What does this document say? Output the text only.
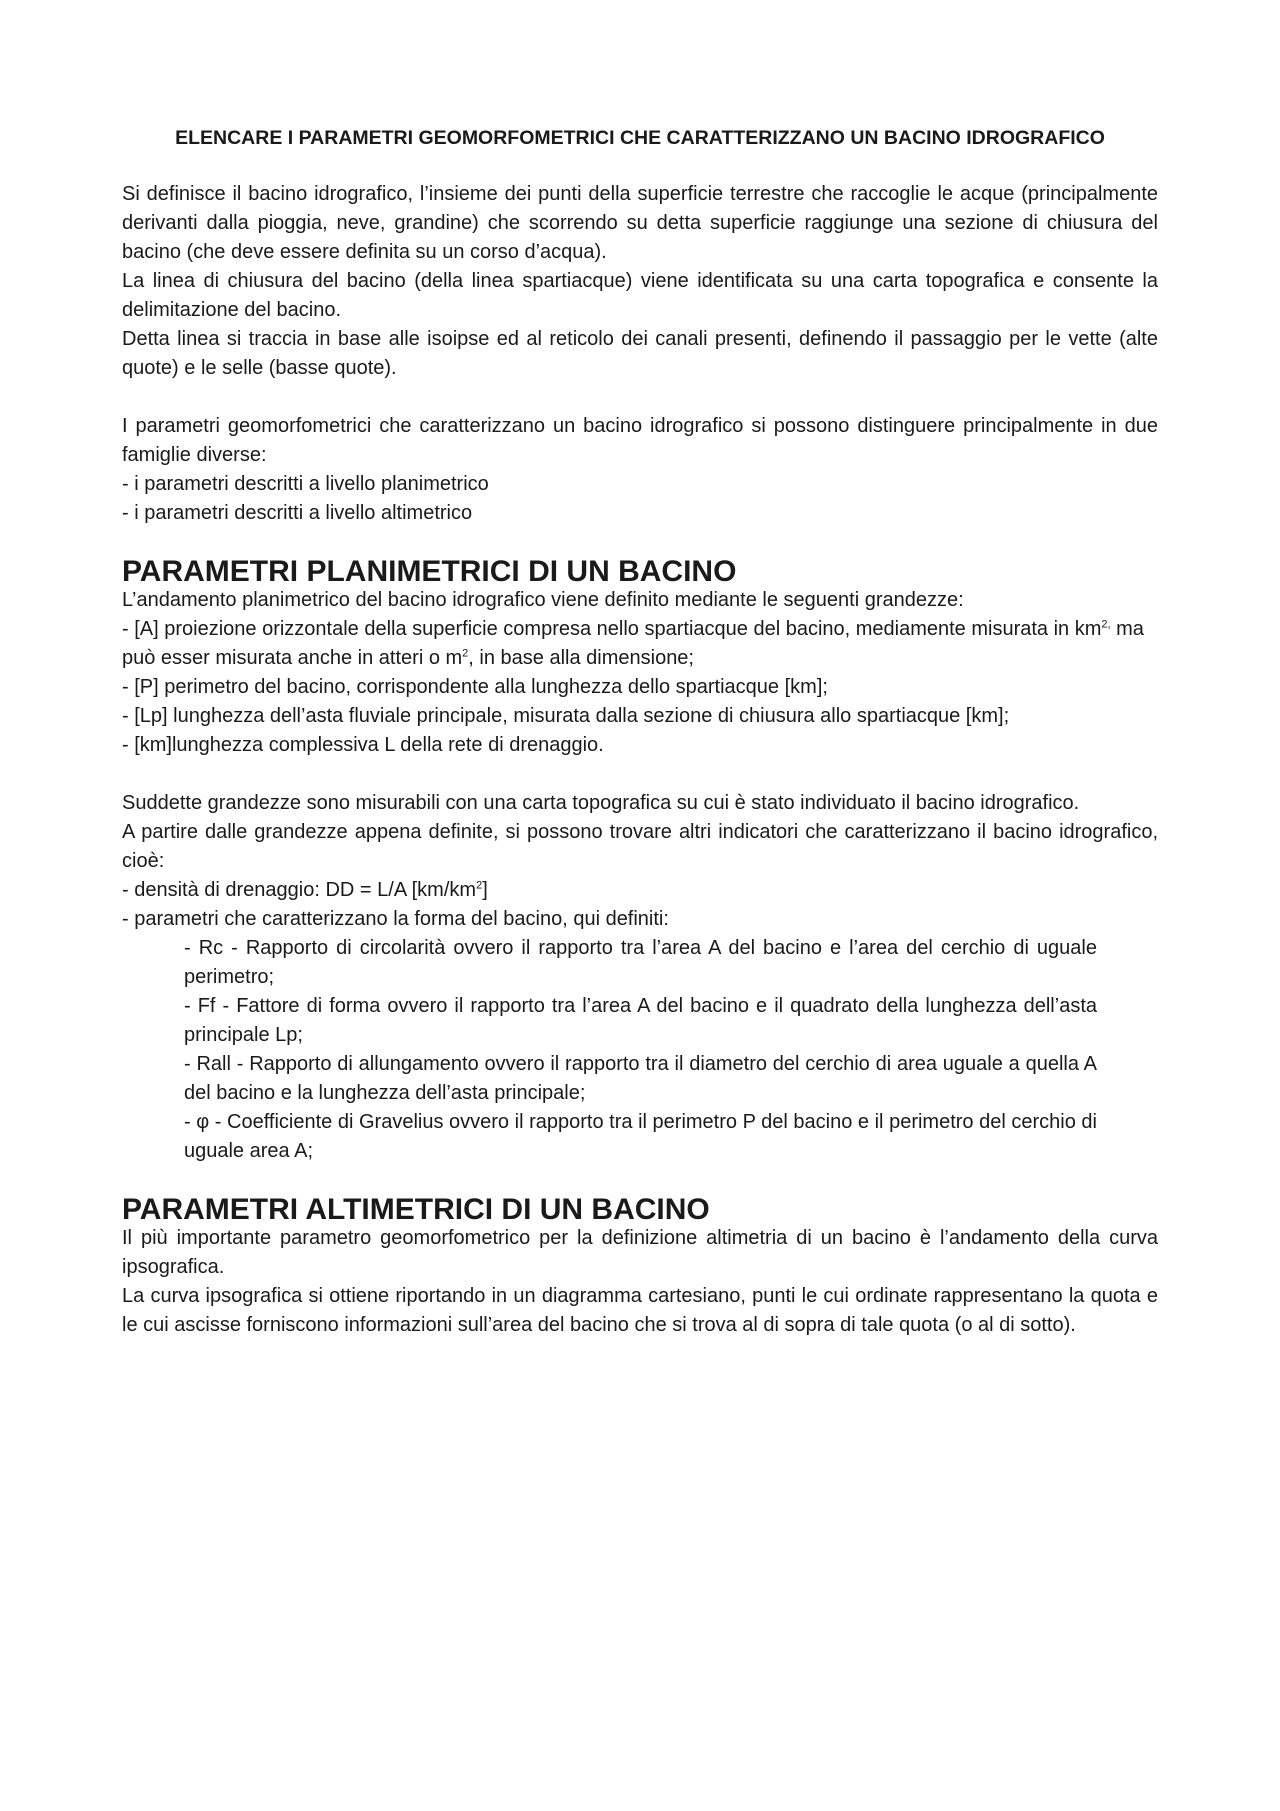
ELENCARE I PARAMETRI GEOMORFOMETRICI CHE CARATTERIZZANO UN BACINO IDROGRAFICO

Si definisce il bacino idrografico, l’insieme dei punti della superficie terrestre che raccoglie le acque (principalmente derivanti dalla pioggia, neve, grandine) che scorrendo su detta superficie raggiunge una sezione di chiusura del bacino (che deve essere definita su un corso d’acqua).

La linea di chiusura del bacino (della linea spartiacque) viene identificata su una carta topografica e consente la delimitazione del bacino.

Detta linea si traccia in base alle isoipse ed al reticolo dei canali presenti, definendo il passaggio per le vette (alte quote) e le selle (basse quote).

I parametri geomorfometrici che caratterizzano un bacino idrografico si possono distinguere principalmente in due famiglie diverse:

- i parametri descritti a livello planimetrico

- i parametri descritti a livello altimetrico

PARAMETRI PLANIMETRICI DI UN BACINO

L’andamento planimetrico del bacino idrografico viene definito mediante le seguenti grandezze:

- [A] proiezione orizzontale della superficie compresa nello spartiacque del bacino, mediamente misurata in $km^{2,}$ ma può esser misurata anche in atteri o $m^2$, in base alla dimensione;

- [P] perimetro del bacino, corrispondente alla lunghezza dello spartiacque [km];

- [Lp] lunghezza dell’asta fluviale principale, misurata dalla sezione di chiusura allo spartiacque [km];

- [km]lunghezza complessiva L della rete di drenaggio.

Suddette grandezze sono misurabili con una carta topografica su cui è stato individuato il bacino idrografico.

A partire dalle grandezze appena definite, si possono trovare altri indicatori che caratterizzano il bacino idrografico, cioè:

- densità di drenaggio: DD = L/A $[km/km^2]$

- parametri che caratterizzano la forma del bacino, qui definiti:

- Rc - Rapporto di circolarità ovvero il rapporto tra l’area A del bacino e l’area del cerchio di uguale perimetro;

- Ff - Fattore di forma ovvero il rapporto tra l’area A del bacino e il quadrato della lunghezza dell’asta principale Lp;

- Rall - Rapporto di allungamento ovvero il rapporto tra il diametro del cerchio di area uguale a quella A del bacino e la lunghezza dell’asta principale;

- φ - Coefficiente di Gravelius ovvero il rapporto tra il perimetro P del bacino e il perimetro del cerchio di uguale area A;

PARAMETRI ALTIMETRICI DI UN BACINO

Il più importante parametro geomorfometrico per la definizione altimetria di un bacino è l’andamento della curva ipsografica.

La curva ipsografica si ottiene riportando in un diagramma cartesiano, punti le cui ordinate rappresentano la quota e le cui ascisse forniscono informazioni sull’area del bacino che si trova al di sopra di tale quota (o al di sotto).
